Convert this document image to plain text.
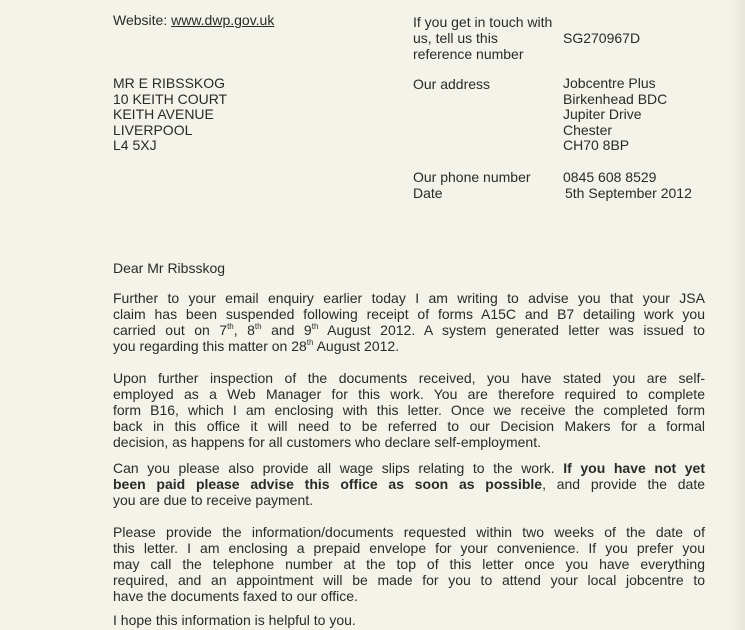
Website: www.dwp.gov.uk	If you get in touch with
us, tell us this
reference number
SG270967D
MR E RIBSSKOG
10 KEITH COURT
KEITH AVENUE
LIVERPOOL
L4 5XJ
Our address	Jobcentre Plus
Birkenhead BDC
Jupiter Drive
Chester
CH70 8BP
Our phone number 0845 608 8529
Date	5th September 2012
Dear Mr Ribsskog
Further to your email enquiry earlier today I am writing to advise you that your JSA
claim has been suspended following receipt of forms A15C and B7 detailing work you
carried out on 7th, 8th and 9th August 2012. A system generated letter was issued to
you regarding this matter on 28th August 2012.
Upon further inspection of the documents received, you have stated you are self-
employed as a Web Manager for this work. You are therefore required to complete
form B16, which I am enclosing with this letter. Once we receive the completed form
back in this office it will need to be referred to our Decision Makers for a formal
decision, as happens for all customers who declare self-employment.
Can you please also provide all wage slips relating to the work. If you have not yet
been paid please advise this office as soon as possible, and provide the date
you are due to receive payment.
Please provide the information/documents requested within two weeks of the date of
this letter. I am enclosing a prepaid envelope for your convenience. If you prefer you
may call the telephone number at the top of this letter once you have everything
required, and an appointment will be made for you to attend your local jobcentre to
have the documents faxed to our office.
I hope this information is helpful to you.
